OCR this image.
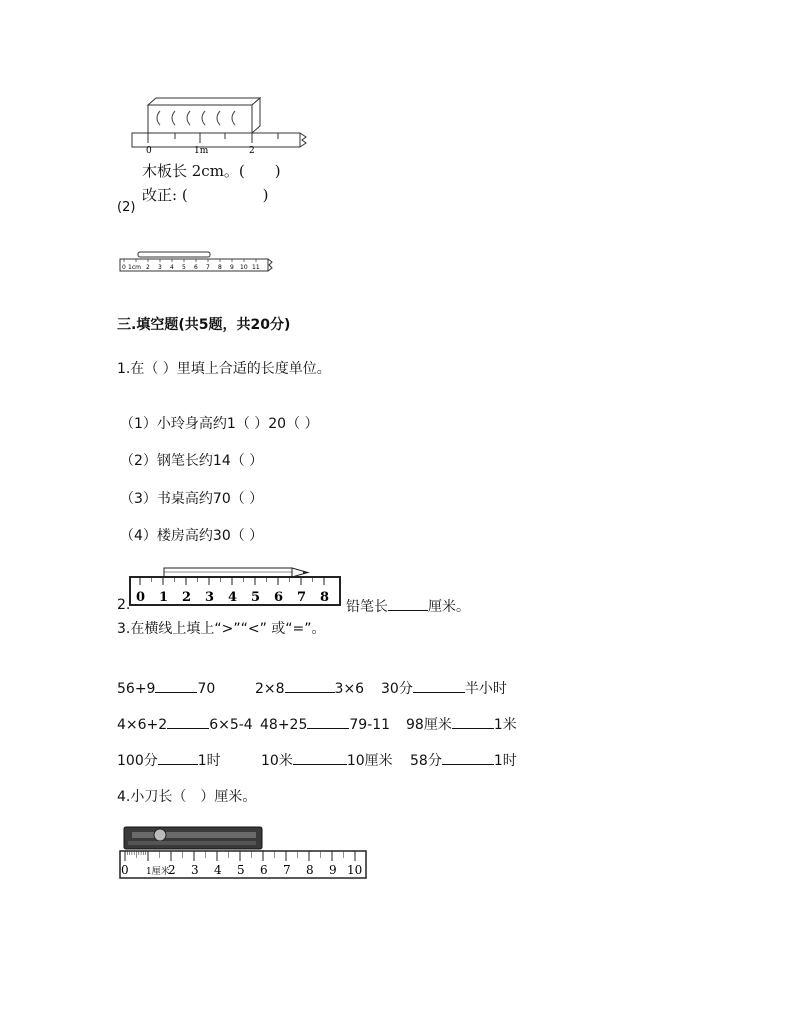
0	1m	2
木板长 2cm。(　　)
改正: (　　　　　)
(2)
0 1cm 2 3 4 5 6 7 8 9 10 11
三.填空题(共5题，共20分)
1.在（ ）里填上合适的长度单位。
（1）小玲身高约1（ ）20（ ）
（2）钢笔长约14（ ）
（3）书桌高约70（ ）
（4）楼房高约30（ ）
2. 0 1 2 3 4 5 6 7 8
铅笔长	厘米。
3.在横线上填上“>”“<” 或“=”。
56+9	70	2×8	3×6 30分	半小时
4×6+2	6×5-4 48+25	79-11 98厘米	1米
100分	1时	10米	10厘米 58分	1时
4.小刀长（　）厘米。
0 1厘米
2 3 4 5 6 7 8 9 10
